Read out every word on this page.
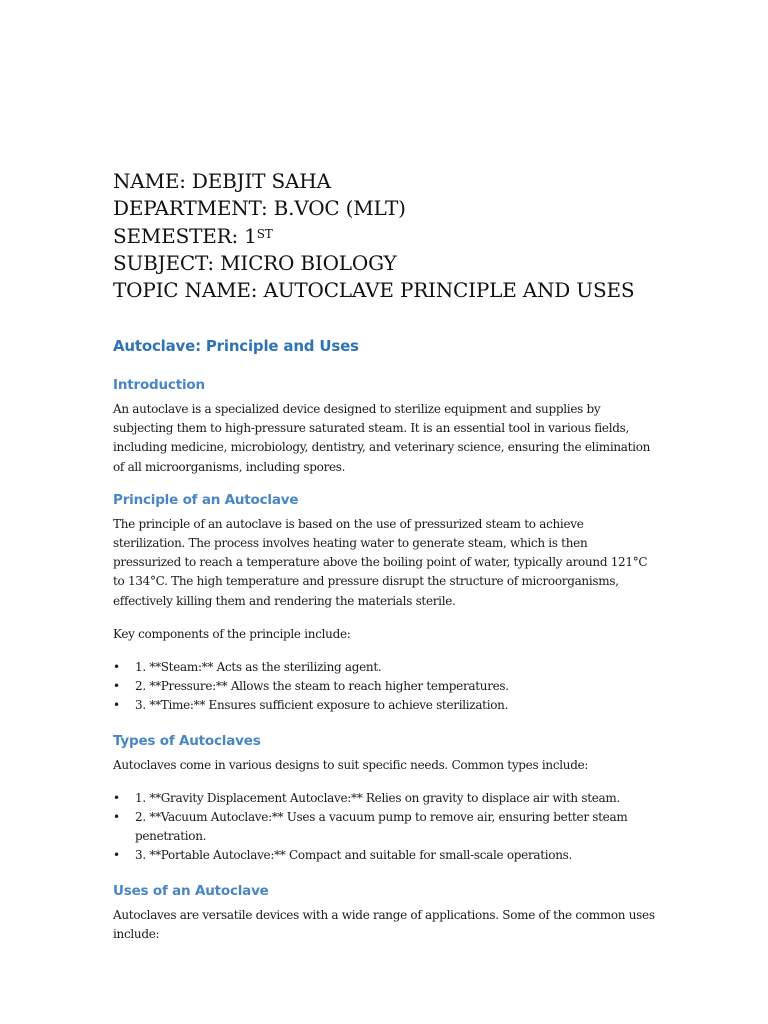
NAME: DEBJIT SAHA
DEPARTMENT: B.VOC (MLT)
SEMESTER: 1ST
SUBJECT: MICRO BIOLOGY
TOPIC NAME: AUTOCLAVE PRINCIPLE AND USES
Autoclave: Principle and Uses
Introduction

An autoclave is a specialized device designed to sterilize equipment and supplies by subjecting them to high-pressure saturated steam. It is an essential tool in various fields, including medicine, microbiology, dentistry, and veterinary science, ensuring the elimination of all microorganisms, including spores.

Principle of an Autoclave

The principle of an autoclave is based on the use of pressurized steam to achieve sterilization. The process involves heating water to generate steam, which is then pressurized to reach a temperature above the boiling point of water, typically around 121°C to 134°C. The high temperature and pressure disrupt the structure of microorganisms, effectively killing them and rendering the materials sterile.

Key components of the principle include:

• 1. **Steam:** Acts as the sterilizing agent.
• 2. **Pressure:** Allows the steam to reach higher temperatures.
• 3. **Time:** Ensures sufficient exposure to achieve sterilization.
Types of Autoclaves

Autoclaves come in various designs to suit specific needs. Common types include:

• 1. **Gravity Displacement Autoclave:** Relies on gravity to displace air with steam.
• 2. **Vacuum Autoclave:** Uses a vacuum pump to remove air, ensuring better steam penetration.
• 3. **Portable Autoclave:** Compact and suitable for small-scale operations.
Uses of an Autoclave

Autoclaves are versatile devices with a wide range of applications. Some of the common uses include:
